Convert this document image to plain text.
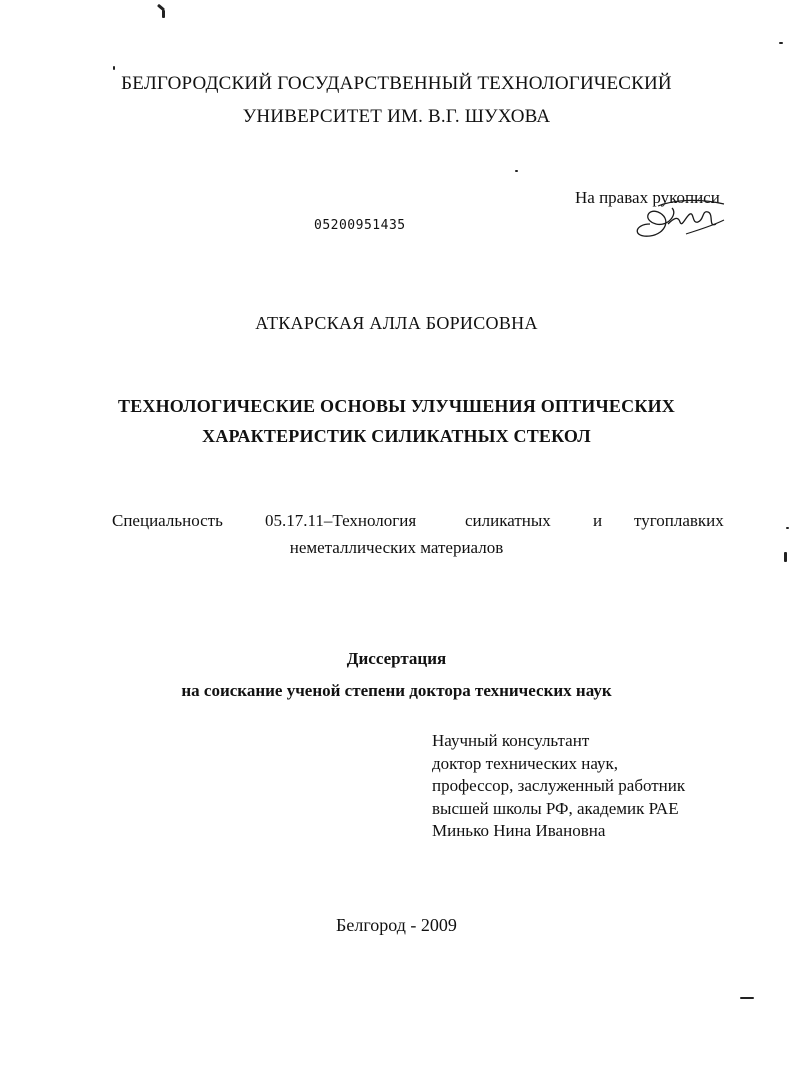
БЕЛГОРОДСКИЙ ГОСУДАРСТВЕННЫЙ ТЕХНОЛОГИЧЕСКИЙ
УНИВЕРСИТЕТ ИМ. В.Г. ШУХОВА
На правах рукописи
05200951435
АТКАРСКАЯ АЛЛА БОРИСОВНА
ТЕХНОЛОГИЧЕСКИЕ ОСНОВЫ УЛУЧШЕНИЯ ОПТИЧЕСКИХ
ХАРАКТЕРИСТИК СИЛИКАТНЫХ СТЕКОЛ
Специальность 05.17.11–Технология	силикатных и тугоплавких
неметаллических материалов
Диссертация
на соискание ученой степени доктора технических наук
Научный консультант
доктор технических наук,
профессор, заслуженный работник
высшей школы РФ, академик РАЕ
Минько Нина Ивановна
Белгород - 2009
